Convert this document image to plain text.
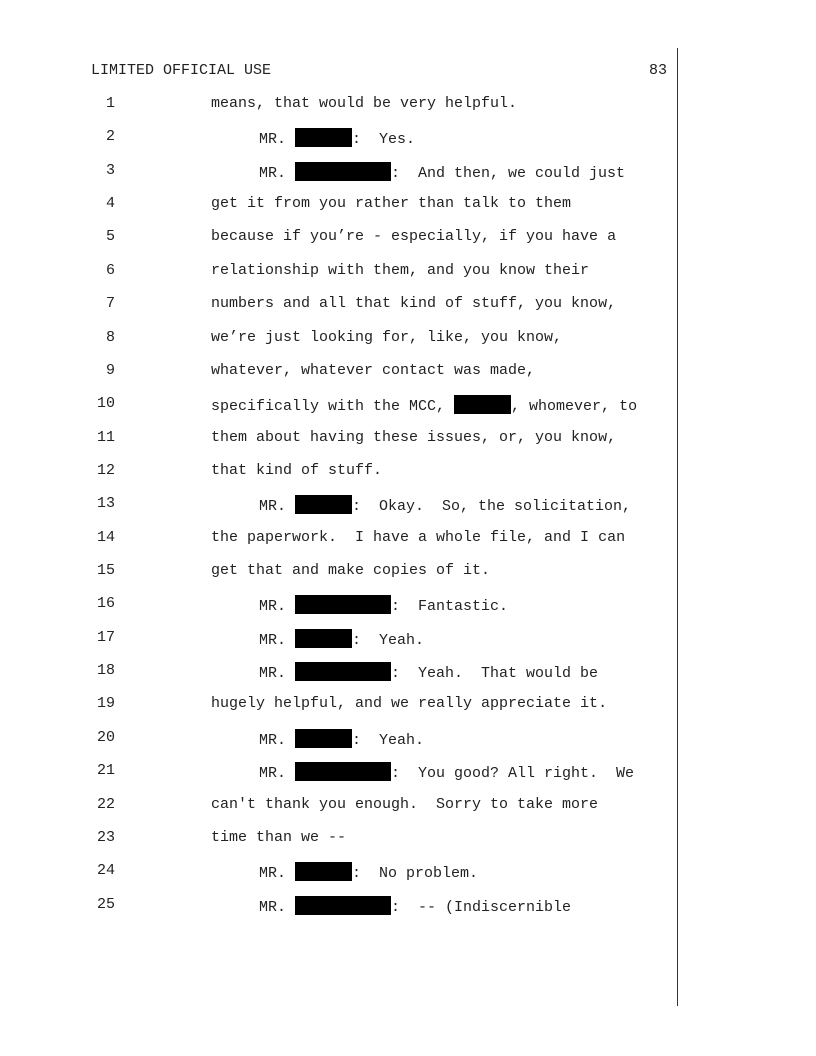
LIMITED OFFICIAL USE	83
1	means, that would be very helpful.
2	MR.	:  Yes.
3	MR.	:  And then, we could just
4	get it from you rather than talk to them
5	because if you’re - especially, if you have a
6	relationship with them, and you know their
7	numbers and all that kind of stuff, you know,
8	we’re just looking for, like, you know,
9	whatever, whatever contact was made,
10	specifically with the MCC,	, whomever, to
11	them about having these issues, or, you know,
12	that kind of stuff.
13	MR.	:  Okay.  So, the solicitation,
14	the paperwork.  I have a whole file, and I can
15	get that and make copies of it.
16	MR.	:  Fantastic.
17	MR.	:  Yeah.
18	MR.	:  Yeah.  That would be
19	hugely helpful, and we really appreciate it.
20	MR.	:  Yeah.
21	MR.	:  You good? All right.  We
22	can't thank you enough.  Sorry to take more
23	time than we --
24	MR.	:  No problem.
25	MR.	:  -- (Indiscernible
